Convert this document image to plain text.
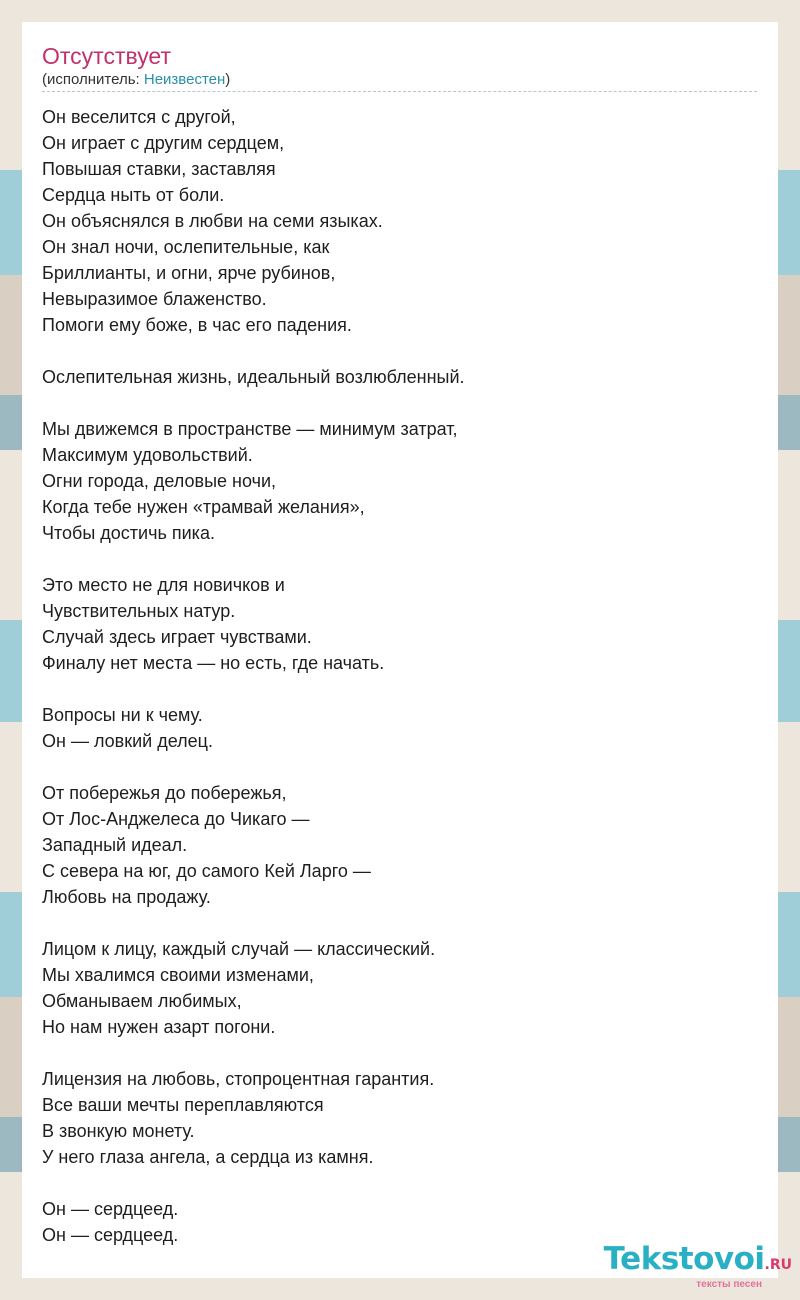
Отсутствует
(исполнитель: Неизвестен)
Он веселится с другой,
Он играет с другим сердцем,
Повышая ставки, заставляя
Сердца ныть от боли.
Он объяснялся в любви на семи языках.
Он знал ночи, ослепительные, как
Бриллианты, и огни, ярче рубинов,
Невыразимое блаженство.
Помоги ему боже, в час его падения.
Ослепительная жизнь, идеальный возлюбленный.
Мы движемся в пространстве — минимум затрат,
Максимум удовольствий.
Огни города, деловые ночи,
Когда тебе нужен «трамвай желания»,
Чтобы достичь пика.
Это место не для новичков и
Чувствительных натур.
Случай здесь играет чувствами.
Финалу нет места — но есть, где начать.
Вопросы ни к чему.
Он — ловкий делец.
От побережья до побережья,
От Лос-Анджелеса до Чикаго —
Западный идеал.
С севера на юг, до самого Кей Ларго —
Любовь на продажу.
Лицом к лицу, каждый случай — классический.
Мы хвалимся своими изменами,
Обманываем любимых,
Но нам нужен азарт погони.
Лицензия на любовь, стопроцентная гарантия.
Все ваши мечты переплавляются
В звонкую монету.
У него глаза ангела, а сердца из камня.
Он — сердцеед.
Он — сердцеед.
Tekstovoi.RU
тексты песен
